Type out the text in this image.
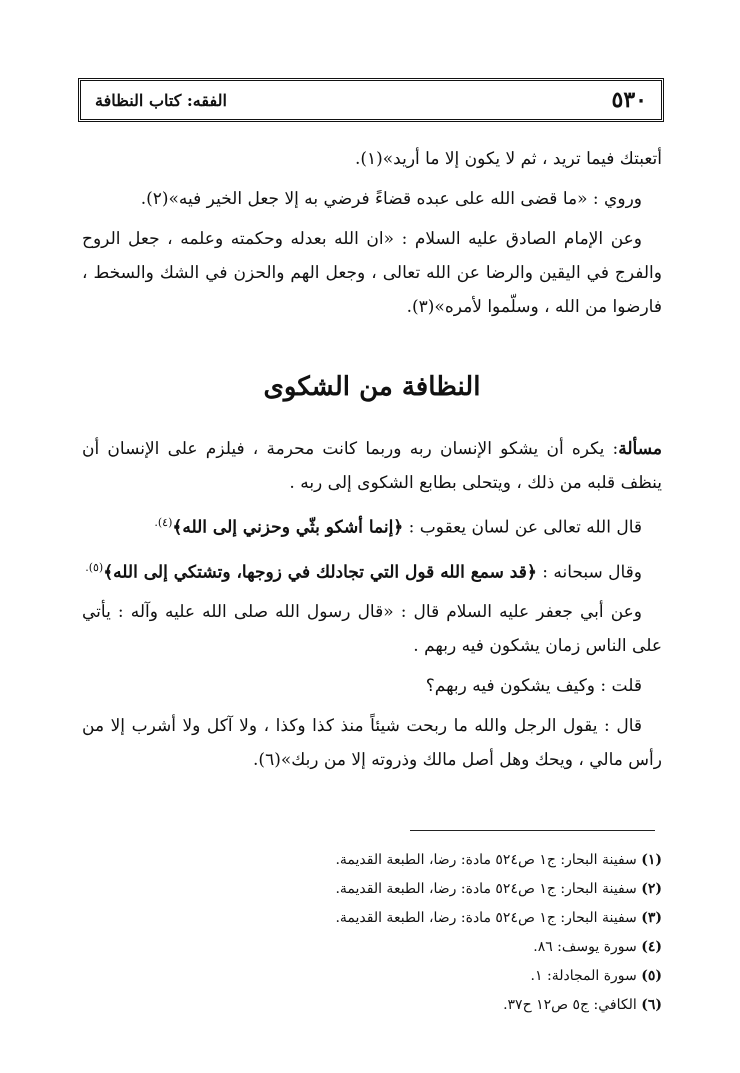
٥٣٠
الفقه: كتاب النظافة

أتعبتك فيما تريد ، ثم لا يكون إلا ما أريد»(١).

وروي : «ما قضى الله على عبده قضاءً فرضي به إلا جعل الخير فيه»(٢).

وعن الإمام الصادق عليه السلام : «ان الله بعدله وحكمته وعلمه ، جعل الروح والفرج في اليقين والرضا عن الله تعالى ، وجعل الهم والحزن في الشك والسخط ، فارضوا من الله ، وسلّموا لأمره»(٣).

النظافة من الشكوى

مسألة: يكره أن يشكو الإنسان ربه وربما كانت محرمة ، فيلزم على الإنسان أن ينظف قلبه من ذلك ، ويتحلى بطابع الشكوى إلى ربه .

قال الله تعالى عن لسان يعقوب : ﴿إنما أشكو بثّي وحزني إلى الله﴾$^{(٤).}$

وقال سبحانه : ﴿قد سمع الله قول التي تجادلك في زوجها، وتشتكي إلى الله﴾$^{(٥).}$

وعن أبي جعفر عليه السلام قال : «قال رسول الله صلى الله عليه وآله : يأتي على الناس زمان يشكون فيه ربهم .

قلت : وكيف يشكون فيه ربهم؟

قال : يقول الرجل والله ما ربحت شيئاً منذ كذا وكذا ، ولا آكل ولا أشرب إلا من رأس مالي ، ويحك وهل أصل مالك وذروته إلا من ربك»(٦).

(١) سفينة البحار: ج١ ص٥٢٤ مادة: رضا، الطبعة القديمة.

(٢) سفينة البحار: ج١ ص٥٢٤ مادة: رضا، الطبعة القديمة.

(٣) سفينة البحار: ج١ ص٥٢٤ مادة: رضا، الطبعة القديمة.

(٤) سورة يوسف: ٨٦.

(٥) سورة المجادلة: ١.

(٦) الكافي: ج٥ ص١٢ ح٣٧.
